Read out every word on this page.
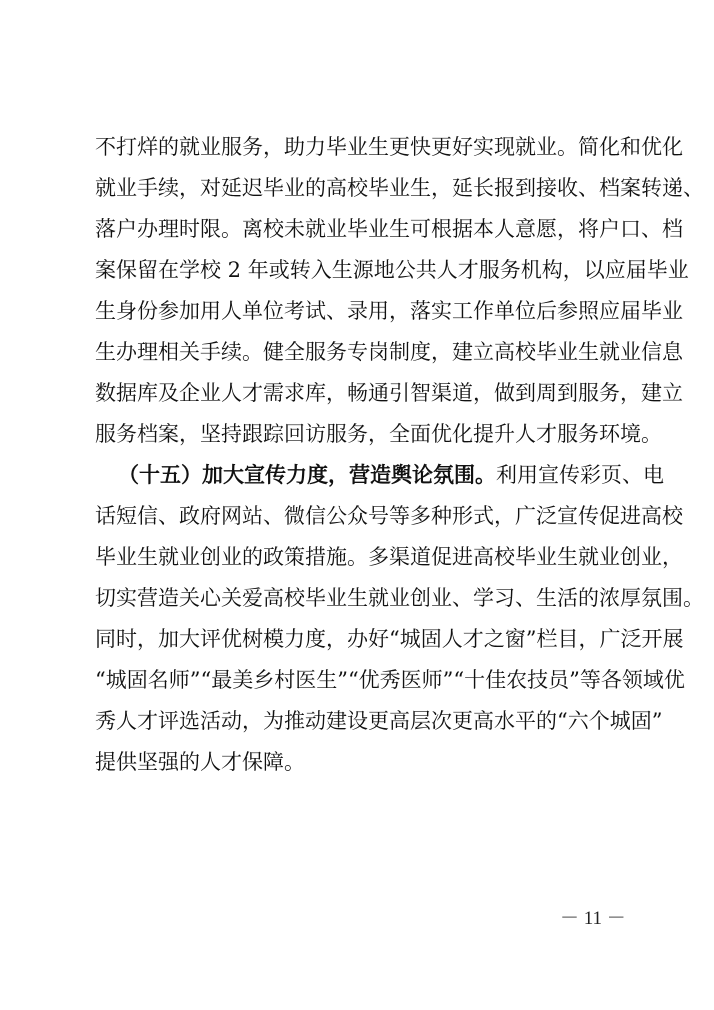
不打烊的就业服务，助力毕业生更快更好实现就业。简化和优化
就业手续，对延迟毕业的高校毕业生，延长报到接收、档案转递、
落户办理时限。离校未就业毕业生可根据本人意愿，将户口、档
案保留在学校 2 年或转入生源地公共人才服务机构，以应届毕业
生身份参加用人单位考试、录用，落实工作单位后参照应届毕业
生办理相关手续。健全服务专岗制度，建立高校毕业生就业信息
数据库及企业人才需求库，畅通引智渠道，做到周到服务，建立
服务档案，坚持跟踪回访服务，全面优化提升人才服务环境。
（十五）加大宣传力度，营造舆论氛围。利用宣传彩页、电
话短信、政府网站、微信公众号等多种形式，广泛宣传促进高校
毕业生就业创业的政策措施。多渠道促进高校毕业生就业创业，
切实营造关心关爱高校毕业生就业创业、学习、生活的浓厚氛围。
同时，加大评优树模力度，办好“城固人才之窗”栏目，广泛开展
“城固名师”“最美乡村医生”“优秀医师”“十佳农技员”等各领域优
秀人才评选活动，为推动建设更高层次更高水平的“六个城固”
提供坚强的人才保障。
－ 11 －
